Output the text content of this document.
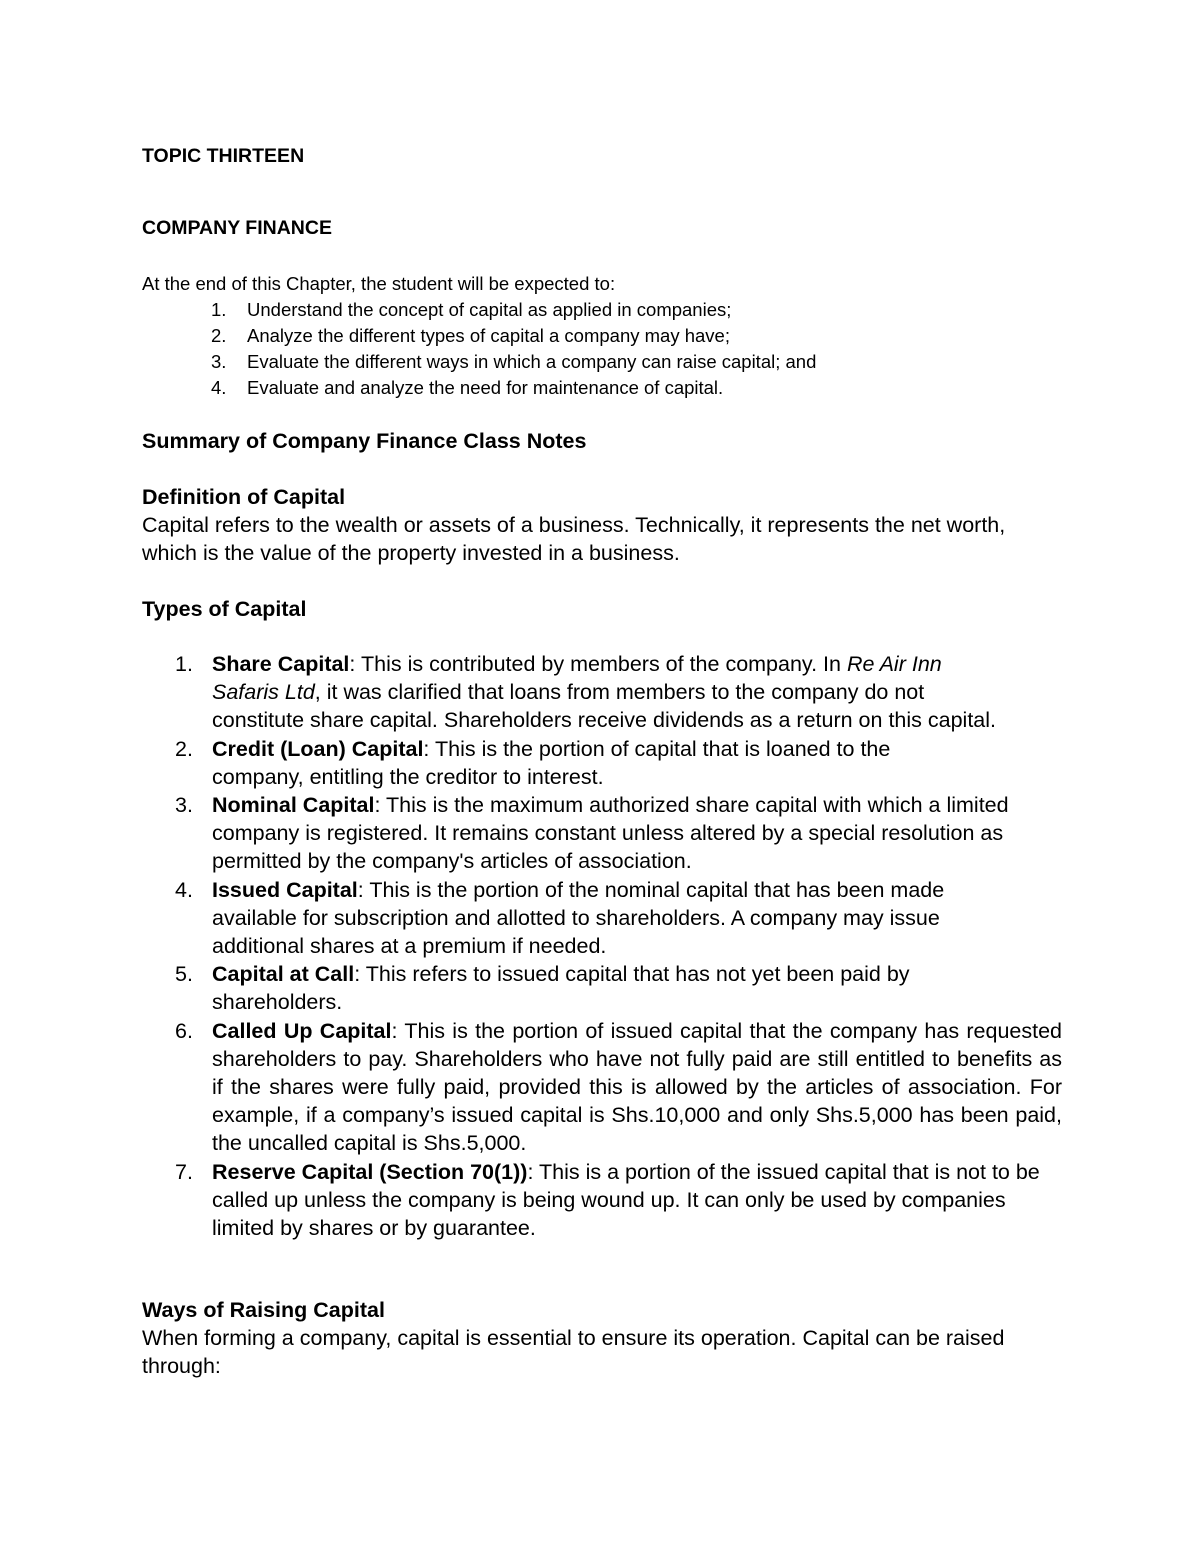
TOPIC THIRTEEN
COMPANY FINANCE
At the end of this Chapter, the student will be expected to:
1. Understand the concept of capital as applied in companies;
2. Analyze the different types of capital a company may have;
3. Evaluate the different ways in which a company can raise capital; and
4. Evaluate and analyze the need for maintenance of capital.
Summary of Company Finance Class Notes
Definition of Capital
Capital refers to the wealth or assets of a business. Technically, it represents the net worth, which is the value of the property invested in a business.
Types of Capital
1. Share Capital: This is contributed by members of the company. In Re Air Inn Safaris Ltd, it was clarified that loans from members to the company do not constitute share capital. Shareholders receive dividends as a return on this capital.
2. Credit (Loan) Capital: This is the portion of capital that is loaned to the company, entitling the creditor to interest.
3. Nominal Capital: This is the maximum authorized share capital with which a limited company is registered. It remains constant unless altered by a special resolution as permitted by the company's articles of association.
4. Issued Capital: This is the portion of the nominal capital that has been made available for subscription and allotted to shareholders. A company may issue additional shares at a premium if needed.
5. Capital at Call: This refers to issued capital that has not yet been paid by shareholders.
6. Called Up Capital: This is the portion of issued capital that the company has requested shareholders to pay. Shareholders who have not fully paid are still entitled to benefits as if the shares were fully paid, provided this is allowed by the articles of association. For example, if a company’s issued capital is Shs.10,000 and only Shs.5,000 has been paid, the uncalled capital is Shs.5,000.
7. Reserve Capital (Section 70(1)): This is a portion of the issued capital that is not to be called up unless the company is being wound up. It can only be used by companies limited by shares or by guarantee.
Ways of Raising Capital
When forming a company, capital is essential to ensure its operation. Capital can be raised through:
